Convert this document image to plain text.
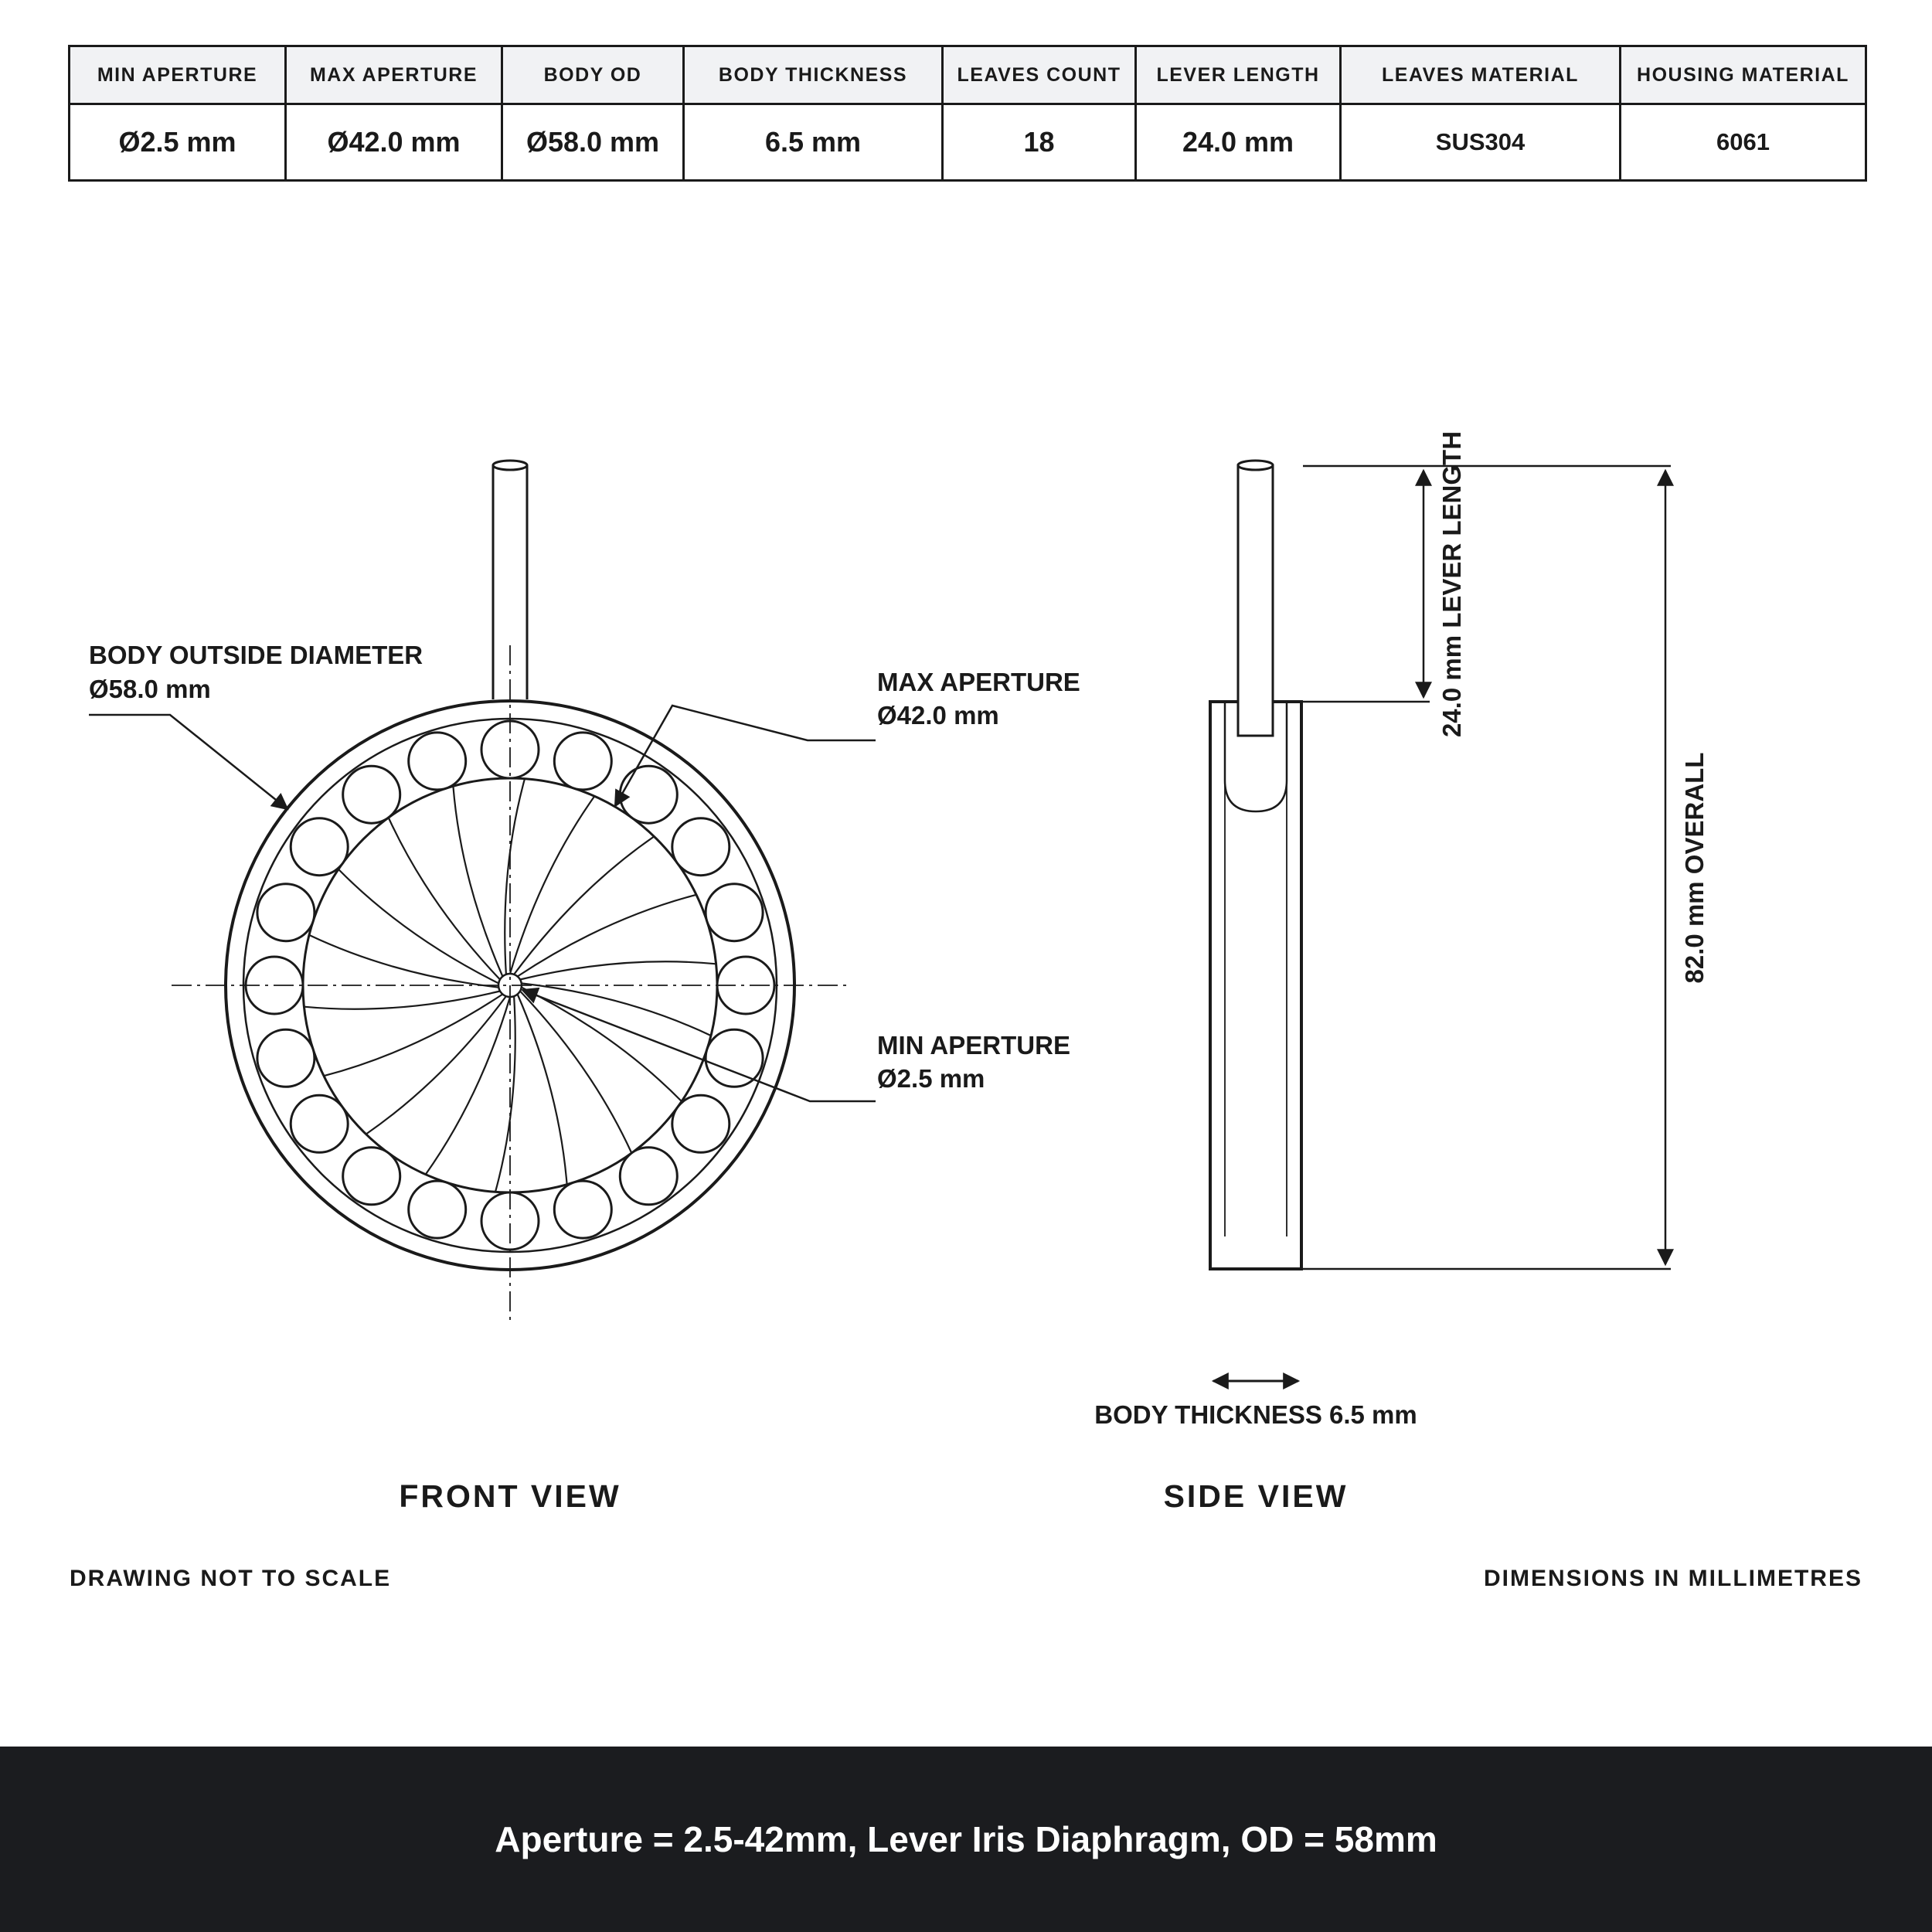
MIN APERTURE	MAX APERTURE	BODY OD	BODY THICKNESS	LEAVES COUNT	LEVER LENGTH	LEAVES MATERIAL	HOUSING MATERIAL
Ø2.5 mm	Ø42.0 mm	Ø58.0 mm	6.5 mm	18	24.0 mm	SUS304	6061
BODY OUTSIDE DIAMETER
Ø58.0 mm	MAX APERTURE
Ø42.0 mm
MIN APERTURE
Ø2.5 mm
FRONT VIEW
24.0 mm LEVER LENGTH
82.0 mm OVERALL
BODY THICKNESS 6.5 mm
SIDE VIEW
DRAWING NOT TO SCALE	DIMENSIONS IN MILLIMETRES
Aperture = 2.5-42mm, Lever Iris Diaphragm, OD = 58mm
